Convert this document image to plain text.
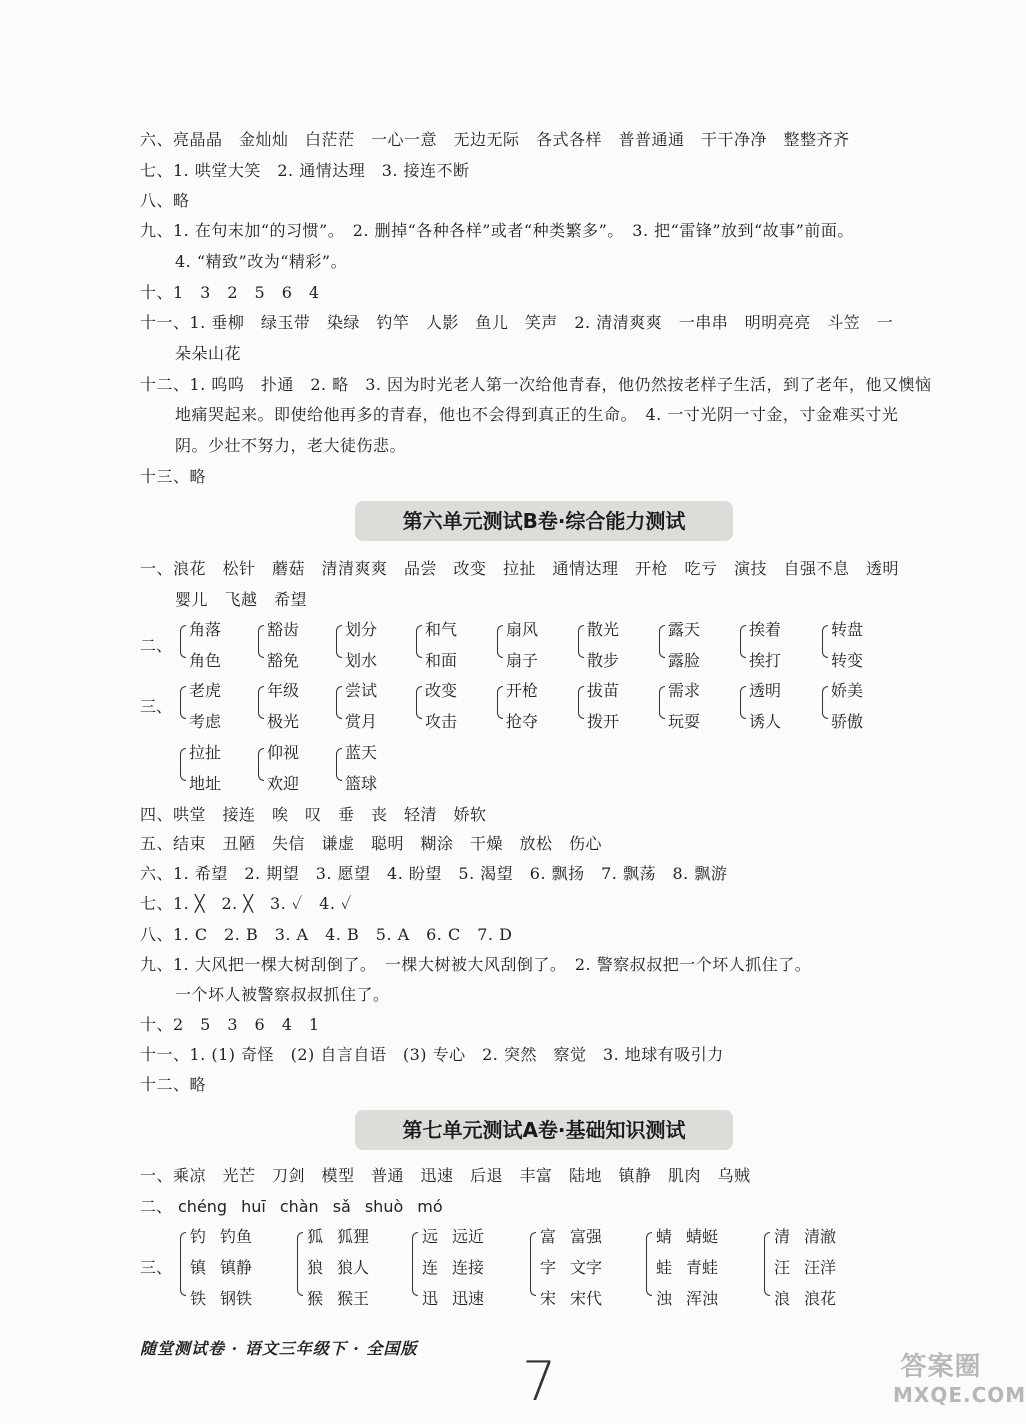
六、亮晶晶　金灿灿　白茫茫　一心一意　无边无际　各式各样　普普通通　干干净净　整整齐齐
七、1. 哄堂大笑　2. 通情达理　3. 接连不断
八、略
九、1. 在句末加“的习惯”。　2. 删掉“各种各样”或者“种类繁多”。　3. 把“雷锋”放到“故事”前面。
4. “精致”改为“精彩”。
十、1　3　2　5　6　4
十一、1. 垂柳　绿玉带　染绿　钓竿　人影　鱼儿　笑声　2. 清清爽爽　一串串　明明亮亮　斗笠　一
朵朵山花
十二、1. 呜呜　扑通　2. 略　3. 因为时光老人第一次给他青春，他仍然按老样子生活，到了老年，他又懊恼
地痛哭起来。即使给他再多的青春，他也不会得到真正的生命。　4. 一寸光阴一寸金，寸金难买寸光
阴。少壮不努力，老大徒伤悲。
十三、略
第六单元测试B卷·综合能力测试
一、浪花　松针　蘑菇　清清爽爽　品尝　改变　拉扯　通情达理　开枪　吃亏　演技　自强不息　透明
婴儿　飞越　希望
二、
角落
角色
豁齿
豁免
划分
划水
和气
和面
扇风
扇子
散光
散步
露天
露脸
挨着
挨打
转盘
转变
三、
老虎
考虑
年级
极光
尝试
赏月
改变
攻击
开枪
抢夺
拔苗
拨开
需求
玩耍
透明
诱人
娇美
骄傲
拉扯
地址
仰视
欢迎
蓝天
篮球
四、哄堂　接连　唉　叹　垂　丧　轻清　娇软
五、结束　丑陋　失信　谦虚　聪明　糊涂　干燥　放松　伤心
六、1. 希望　2. 期望　3. 愿望　4. 盼望　5. 渴望　6. 飘扬　7. 飘荡　8. 飘游
七、1. ╳　2. ╳　3. ✓　4. ✓
八、1. C　2. B　3. A　4. B　5. A　6. C　7. D
九、1. 大风把一棵大树刮倒了。　一棵大树被大风刮倒了。　2. 警察叔叔把一个坏人抓住了。
一个坏人被警察叔叔抓住了。
十、2　5　3　6　4　1
十一、1. (1) 奇怪　(2) 自言自语　(3) 专心　2. 突然　察觉　3. 地球有吸引力
十二、略
第七单元测试A卷·基础知识测试
一、乘凉　光芒　刀剑　模型　普通　迅速　后退　丰富　陆地　镇静　肌肉　乌贼
二、 chéng huī chàn sǎ shuò mó
三、
钓 钓鱼
镇 镇静
铁 钢铁
狐 狐狸
狼 狼人
猴 猴王
远 远近
连 连接
迅 迅速
富 富强
字 文字
宋 宋代
蜻 蜻蜓
蛙 青蛙
浊 浑浊
清 清澈
汪 汪洋
浪 浪花
随堂测试卷 · 语文三年级下 · 全国版
7	答案圈
MXQE.COM
